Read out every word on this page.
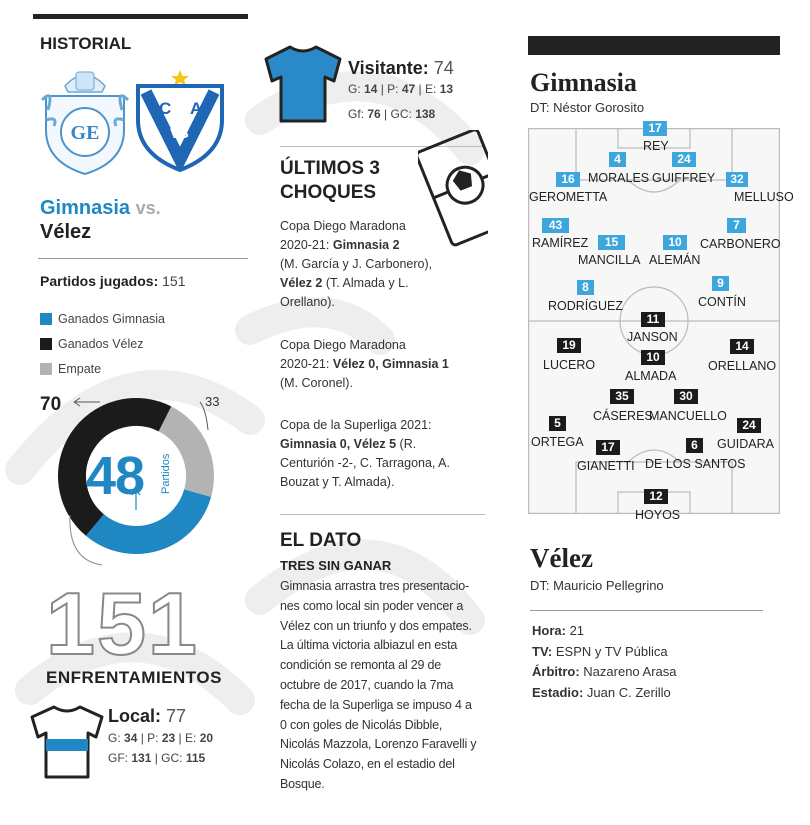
HISTORIAL
GE
C A
VS
Gimnasia vs.
Vélez
Partidos jugados: 151
Ganados Gimnasia
Ganados Vélez
Empate
70	33
48 Partidos
151
ENFRENTAMIENTOS
Local: 77
G: 34 | P: 23 | E: 20
GF: 131 | GC: 115
Visitante: 74
G: 14 | P: 47 | E: 13
Gf: 76 | GC: 138
ÚLTIMOS 3
CHOQUES
Copa Diego Maradona
2020-21: Gimnasia 2
(M. García y J. Carbonero),
Vélez 2 (T. Almada y L.
Orellano).
Copa Diego Maradona
2020-21: Vélez 0, Gimnasia 1
(M. Coronel).
Copa de la Superliga 2021:
Gimnasia 0, Vélez 5 (R.
Centurión -2-, C. Tarragona, A.
Bouzat y T. Almada).
EL DATO
TRES SIN GANAR
Gimnasia arrastra tres presentacio-
nes como local sin poder vencer a
Vélez con un triunfo y dos empates.
La última victoria albiazul en esta
condición se remonta al 29 de
octubre de 2017, cuando la 7ma
fecha de la Superliga se impuso 4 a
0 con goles de Nicolás Dibble,
Nicolás Mazzola, Lorenzo Faravelli y
Nicolás Colazo, en el estadio del
Bosque.
Gimnasia
DT: Néstor Gorosito
17
REY
4
MORALES
24
GUIFFREY
16
GEROMETTA
32
MELLUSO
43
RAMÍREZ	15
MANCILLA
10
ALEMÁN
7
CARBONERO
8
RODRÍGUEZ
9
CONTÍN
11
JANSON
19
LUCERO
10
ALMADA
14
ORELLANO
35
CÁSERES
30
MANCUELLO
5
ORTEGA	17
GIANETTI
6
DE LOS SANTOS
24
GUIDARA
12
HOYOS
Vélez
DT: Mauricio Pellegrino
Hora: 21
TV: ESPN y TV Pública
Árbitro: Nazareno Arasa
Estadio: Juan C. Zerillo
